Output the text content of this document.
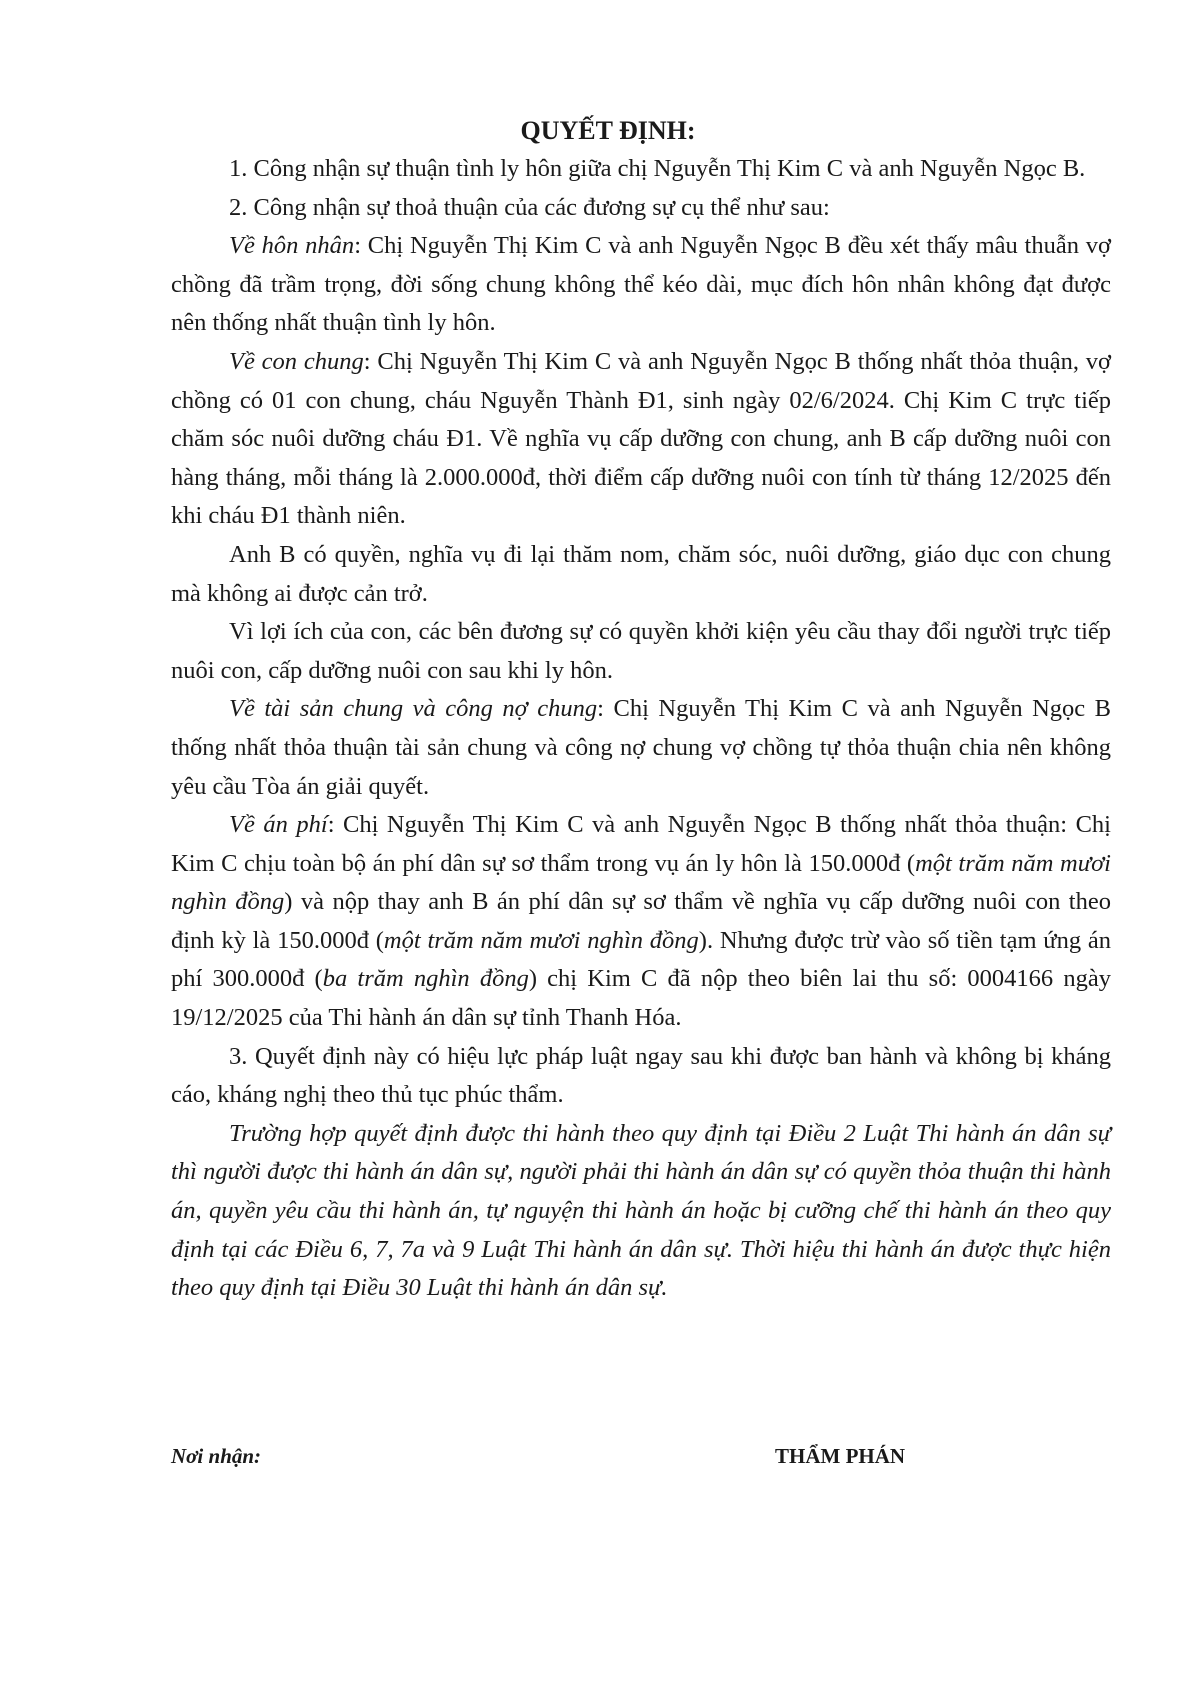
QUYẾT ĐỊNH:

1. Công nhận sự thuận tình ly hôn giữa chị Nguyễn Thị Kim C và anh Nguyễn Ngọc B.

2. Công nhận sự thoả thuận của các đương sự cụ thể như sau:

Về hôn nhân: Chị Nguyễn Thị Kim C và anh Nguyễn Ngọc B đều xét thấy mâu thuẫn vợ chồng đã trầm trọng, đời sống chung không thể kéo dài, mục đích hôn nhân không đạt được nên thống nhất thuận tình ly hôn.

Về con chung: Chị Nguyễn Thị Kim C và anh Nguyễn Ngọc B thống nhất thỏa thuận, vợ chồng có 01 con chung, cháu Nguyễn Thành Đ1, sinh ngày 02/6/2024. Chị Kim C trực tiếp chăm sóc nuôi dưỡng cháu Đ1. Về nghĩa vụ cấp dưỡng con chung, anh B cấp dưỡng nuôi con hàng tháng, mỗi tháng là 2.000.000đ, thời điểm cấp dưỡng nuôi con tính từ tháng 12/2025 đến khi cháu Đ1 thành niên.

Anh B có quyền, nghĩa vụ đi lại thăm nom, chăm sóc, nuôi dưỡng, giáo dục con chung mà không ai được cản trở.

Vì lợi ích của con, các bên đương sự có quyền khởi kiện yêu cầu thay đổi người trực tiếp nuôi con, cấp dưỡng nuôi con sau khi ly hôn.

Về tài sản chung và công nợ chung: Chị Nguyễn Thị Kim C và anh Nguyễn Ngọc B thống nhất thỏa thuận tài sản chung và công nợ chung vợ chồng tự thỏa thuận chia nên không yêu cầu Tòa án giải quyết.

Về án phí: Chị Nguyễn Thị Kim C và anh Nguyễn Ngọc B thống nhất thỏa thuận: Chị Kim C chịu toàn bộ án phí dân sự sơ thẩm trong vụ án ly hôn là 150.000đ (một trăm năm mươi nghìn đồng) và nộp thay anh B án phí dân sự sơ thẩm về nghĩa vụ cấp dưỡng nuôi con theo định kỳ là 150.000đ (một trăm năm mươi nghìn đồng). Nhưng được trừ vào số tiền tạm ứng án phí 300.000đ (ba trăm nghìn đồng) chị Kim C đã nộp theo biên lai thu số: 0004166 ngày 19/12/2025 của Thi hành án dân sự tỉnh Thanh Hóa.

3. Quyết định này có hiệu lực pháp luật ngay sau khi được ban hành và không bị kháng cáo, kháng nghị theo thủ tục phúc thẩm.

Trường hợp quyết định được thi hành theo quy định tại Điều 2 Luật Thi hành án dân sự thì người được thi hành án dân sự, người phải thi hành án dân sự có quyền thỏa thuận thi hành án, quyền yêu cầu thi hành án, tự nguyện thi hành án hoặc bị cưỡng chế thi hành án theo quy định tại các Điều 6, 7, 7a và 9 Luật Thi hành án dân sự. Thời hiệu thi hành án được thực hiện theo quy định tại Điều 30 Luật thi hành án dân sự.

Nơi nhận:	THẨM PHÁN
